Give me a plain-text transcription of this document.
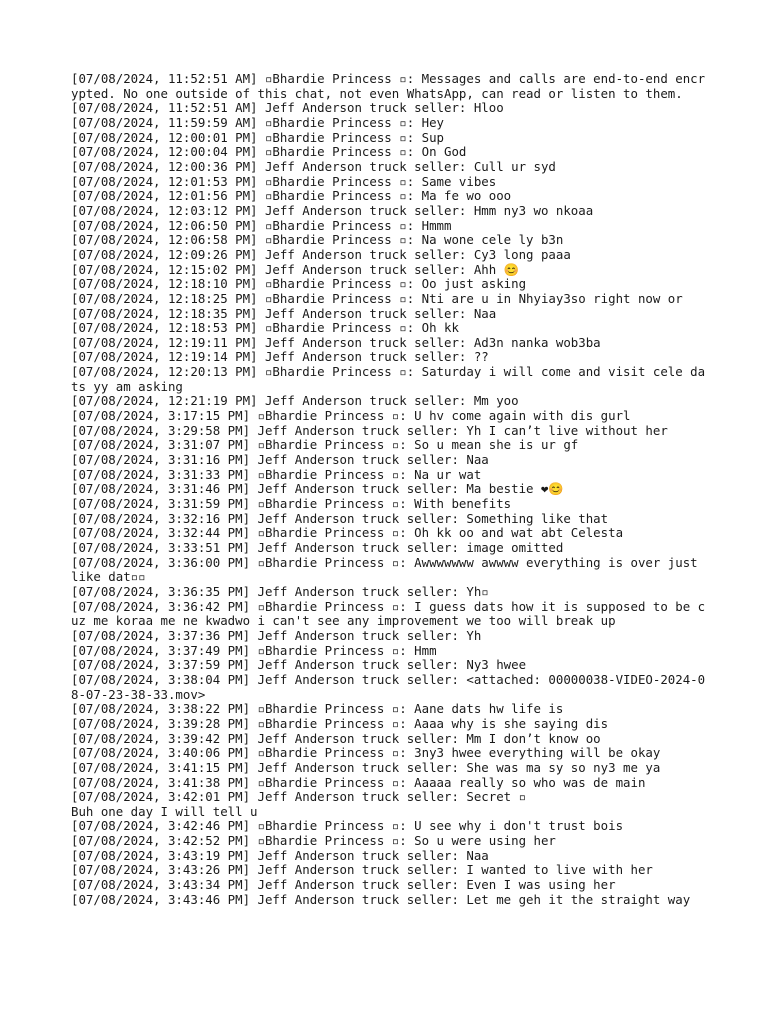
[07/08/2024, 11:52:51 AM] ▫Bhardie Princess ▫: Messages and calls are end-to-end encrypted. No one outside of this chat, not even WhatsApp, can read or listen to them.

[07/08/2024, 11:52:51 AM] Jeff Anderson truck seller: Hloo

[07/08/2024, 11:59:59 AM] ▫Bhardie Princess ▫: Hey

[07/08/2024, 12:00:01 PM] ▫Bhardie Princess ▫: Sup

[07/08/2024, 12:00:04 PM] ▫Bhardie Princess ▫: On God

[07/08/2024, 12:00:36 PM] Jeff Anderson truck seller: Cull ur syd

[07/08/2024, 12:01:53 PM] ▫Bhardie Princess ▫: Same vibes

[07/08/2024, 12:01:56 PM] ▫Bhardie Princess ▫: Ma fe wo ooo

[07/08/2024, 12:03:12 PM] Jeff Anderson truck seller: Hmm ny3 wo nkoaa

[07/08/2024, 12:06:50 PM] ▫Bhardie Princess ▫: Hmmm

[07/08/2024, 12:06:58 PM] ▫Bhardie Princess ▫: Na wone cele ly b3n

[07/08/2024, 12:09:26 PM] Jeff Anderson truck seller: Cy3 long paaa

[07/08/2024, 12:15:02 PM] Jeff Anderson truck seller: Ahh 😊

[07/08/2024, 12:18:10 PM] ▫Bhardie Princess ▫: Oo just asking

[07/08/2024, 12:18:25 PM] ▫Bhardie Princess ▫: Nti are u in Nhyiay3so right now or

[07/08/2024, 12:18:35 PM] Jeff Anderson truck seller: Naa

[07/08/2024, 12:18:53 PM] ▫Bhardie Princess ▫: Oh kk

[07/08/2024, 12:19:11 PM] Jeff Anderson truck seller: Ad3n nanka wob3ba

[07/08/2024, 12:19:14 PM] Jeff Anderson truck seller: ??

[07/08/2024, 12:20:13 PM] ▫Bhardie Princess ▫: Saturday i will come and visit cele dats yy am asking

[07/08/2024, 12:21:19 PM] Jeff Anderson truck seller: Mm yoo

[07/08/2024, 3:17:15 PM] ▫Bhardie Princess ▫: U hv come again with dis gurl

[07/08/2024, 3:29:58 PM] Jeff Anderson truck seller: Yh I can’t live without her

[07/08/2024, 3:31:07 PM] ▫Bhardie Princess ▫: So u mean she is ur gf

[07/08/2024, 3:31:16 PM] Jeff Anderson truck seller: Naa

[07/08/2024, 3:31:33 PM] ▫Bhardie Princess ▫: Na ur wat

[07/08/2024, 3:31:46 PM] Jeff Anderson truck seller: Ma bestie ❤😊

[07/08/2024, 3:31:59 PM] ▫Bhardie Princess ▫: With benefits

[07/08/2024, 3:32:16 PM] Jeff Anderson truck seller: Something like that

[07/08/2024, 3:32:44 PM] ▫Bhardie Princess ▫: Oh kk oo and wat abt Celesta

[07/08/2024, 3:33:51 PM] Jeff Anderson truck seller: image omitted

[07/08/2024, 3:36:00 PM] ▫Bhardie Princess ▫: Awwwwwww awwww everything is over just like dat▫▫

[07/08/2024, 3:36:35 PM] Jeff Anderson truck seller: Yh▫

[07/08/2024, 3:36:42 PM] ▫Bhardie Princess ▫: I guess dats how it is supposed to be cuz me koraa me ne kwadwo i can't see any improvement we too will break up

[07/08/2024, 3:37:36 PM] Jeff Anderson truck seller: Yh

[07/08/2024, 3:37:49 PM] ▫Bhardie Princess ▫: Hmm

[07/08/2024, 3:37:59 PM] Jeff Anderson truck seller: Ny3 hwee

[07/08/2024, 3:38:04 PM] Jeff Anderson truck seller: <attached: 00000038-VIDEO-2024-08-07-23-38-33.mov>

[07/08/2024, 3:38:22 PM] ▫Bhardie Princess ▫: Aane dats hw life is

[07/08/2024, 3:39:28 PM] ▫Bhardie Princess ▫: Aaaa why is she saying dis

[07/08/2024, 3:39:42 PM] Jeff Anderson truck seller: Mm I don’t know oo

[07/08/2024, 3:40:06 PM] ▫Bhardie Princess ▫: 3ny3 hwee everything will be okay

[07/08/2024, 3:41:15 PM] Jeff Anderson truck seller: She was ma sy so ny3 me ya

[07/08/2024, 3:41:38 PM] ▫Bhardie Princess ▫: Aaaaa really so who was de main

[07/08/2024, 3:42:01 PM] Jeff Anderson truck seller: Secret ▫

Buh one day I will tell u

[07/08/2024, 3:42:46 PM] ▫Bhardie Princess ▫: U see why i don't trust bois

[07/08/2024, 3:42:52 PM] ▫Bhardie Princess ▫: So u were using her

[07/08/2024, 3:43:19 PM] Jeff Anderson truck seller: Naa

[07/08/2024, 3:43:26 PM] Jeff Anderson truck seller: I wanted to live with her

[07/08/2024, 3:43:34 PM] Jeff Anderson truck seller: Even I was using her

[07/08/2024, 3:43:46 PM] Jeff Anderson truck seller: Let me geh it the straight way
